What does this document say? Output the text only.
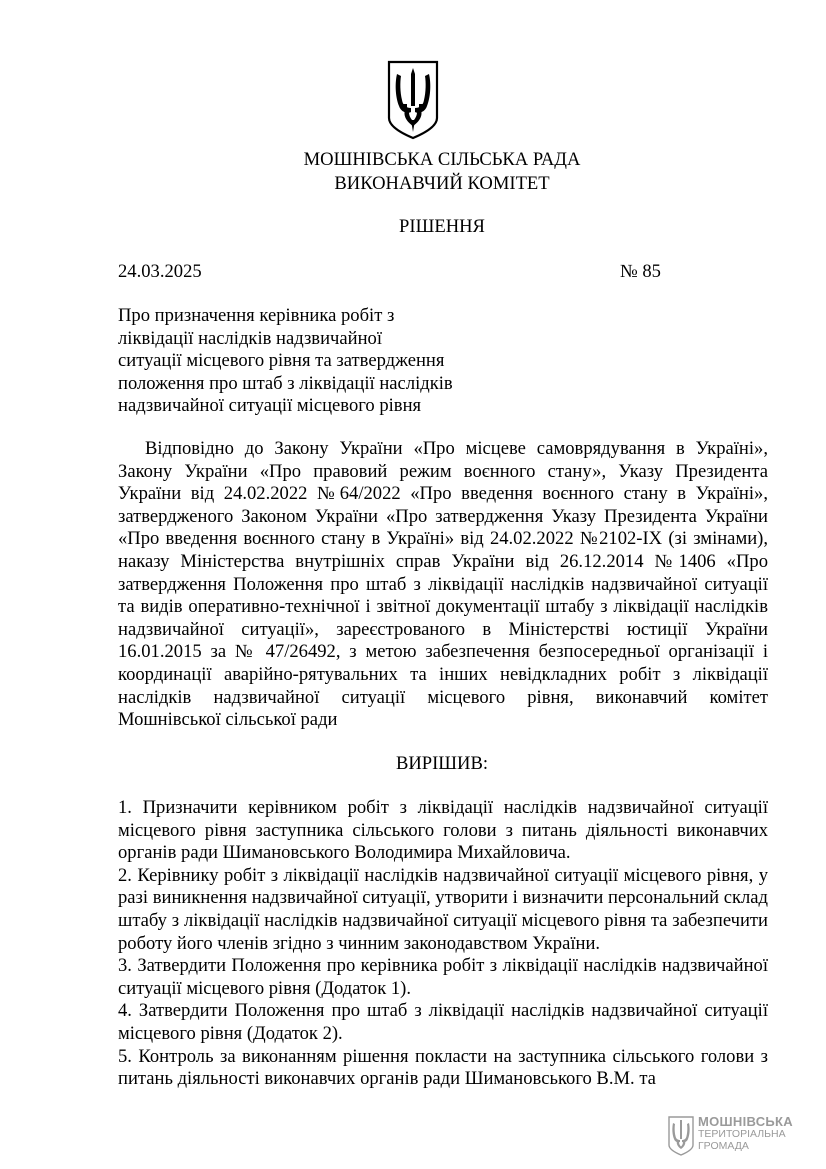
МОШНІВСЬКА СІЛЬСЬКА РАДА
ВИКОНАВЧИЙ КОМІТЕТ
РІШЕННЯ
24.03.2025	№ 85
Про призначення керівника робіт з
ліквідації наслідків надзвичайної
ситуації місцевого рівня та затвердження
положення про штаб з ліквідації наслідків
надзвичайної ситуації місцевого рівня
Відповідно до Закону України «Про місцеве самоврядування в Україні», Закону України «Про правовий режим воєнного стану», Указу Президента України від 24.02.2022 №64/2022 «Про введення воєнного стану в Україні», затвердженого Законом України «Про затвердження Указу Президента України «Про введення воєнного стану в Україні» від 24.02.2022 №2102-IX (зі змінами), наказу Міністерства внутрішніх справ України від 26.12.2014 №1406 «Про затвердження Положення про штаб з ліквідації наслідків надзвичайної ситуації та видів оперативно-технічної і звітної документації штабу з ліквідації наслідків надзвичайної ситуації», зареєстрованого в Міністерстві юстиції України 16.01.2015 за № 47/26492, з метою забезпечення безпосередньої організації і координації аварійно-рятувальних та інших невідкладних робіт з ліквідації наслідків надзвичайної ситуації місцевого рівня, виконавчий комітет Мошнівської сільської ради
ВИРІШИВ:

1. Призначити керівником робіт з ліквідації наслідків надзвичайної ситуації місцевого рівня заступника сільського голови з питань діяльності виконавчих органів ради Шимановського Володимира Михайловича.

2. Керівнику робіт з ліквідації наслідків надзвичайної ситуації місцевого рівня, у разі виникнення надзвичайної ситуації, утворити і визначити персональний склад штабу з ліквідації наслідків надзвичайної ситуації місцевого рівня та забезпечити роботу його членів згідно з чинним законодавством України.

3. Затвердити Положення про керівника робіт з ліквідації наслідків надзвичайної ситуації місцевого рівня (Додаток 1).

4. Затвердити Положення про штаб з ліквідації наслідків надзвичайної ситуації місцевого рівня (Додаток 2).

5. Контроль за виконанням рішення покласти на заступника сільського голови з питань діяльності виконавчих органів ради Шимановського В.М. та

МОШНІВСЬКА
ТЕРИТОРІАЛЬНА
ГРОМАДА
